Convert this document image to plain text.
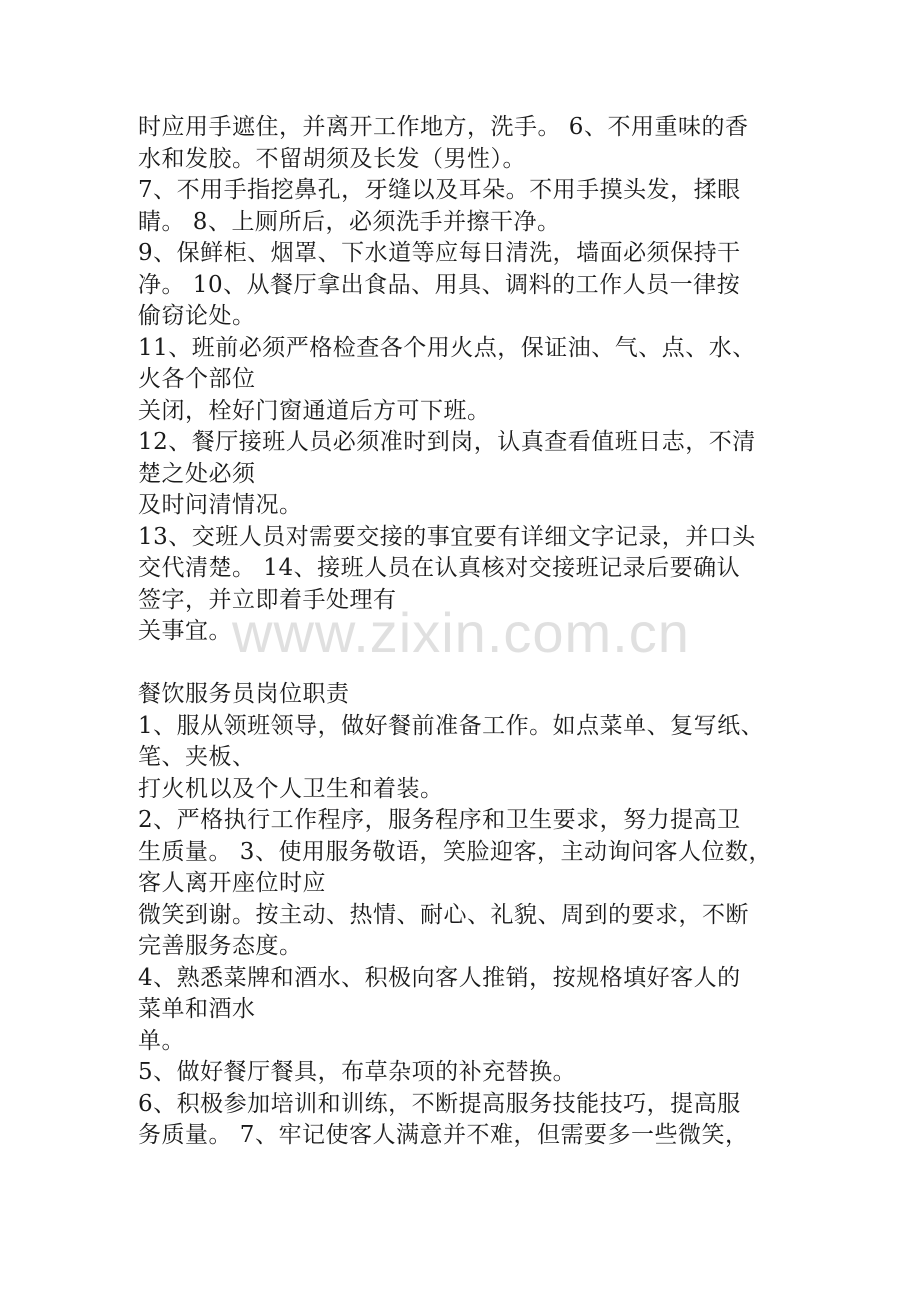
www.zixin.com.cn
时应用手遮住，并离开工作地方，洗手。 6、不用重味的香
水和发胶。不留胡须及长发（男性）。
7、不用手指挖鼻孔，牙缝以及耳朵。不用手摸头发，揉眼
睛。 8、上厕所后，必须洗手并擦干净。
9、保鲜柜、烟罩、下水道等应每日清洗，墙面必须保持干
净。 10、从餐厅拿出食品、用具、调料的工作人员一律按
偷窃论处。
11、班前必须严格检查各个用火点，保证油、气、点、水、
火各个部位
关闭，栓好门窗通道后方可下班。
12、餐厅接班人员必须准时到岗，认真查看值班日志，不清
楚之处必须
及时问清情况。
13、交班人员对需要交接的事宜要有详细文字记录，并口头
交代清楚。 14、接班人员在认真核对交接班记录后要确认
签字，并立即着手处理有
关事宜。
餐饮服务员岗位职责
1、服从领班领导，做好餐前准备工作。如点菜单、复写纸、
笔、夹板、
打火机以及个人卫生和着装。
2、严格执行工作程序，服务程序和卫生要求，努力提高卫
生质量。 3、使用服务敬语，笑脸迎客，主动询问客人位数，
客人离开座位时应
微笑到谢。按主动、热情、耐心、礼貌、周到的要求，不断
完善服务态度。
4、熟悉菜牌和酒水、积极向客人推销，按规格填好客人的
菜单和酒水
单。
5、做好餐厅餐具，布草杂项的补充替换。
6、积极参加培训和训练，不断提高服务技能技巧，提高服
务质量。 7、牢记使客人满意并不难，但需要多一些微笑，
